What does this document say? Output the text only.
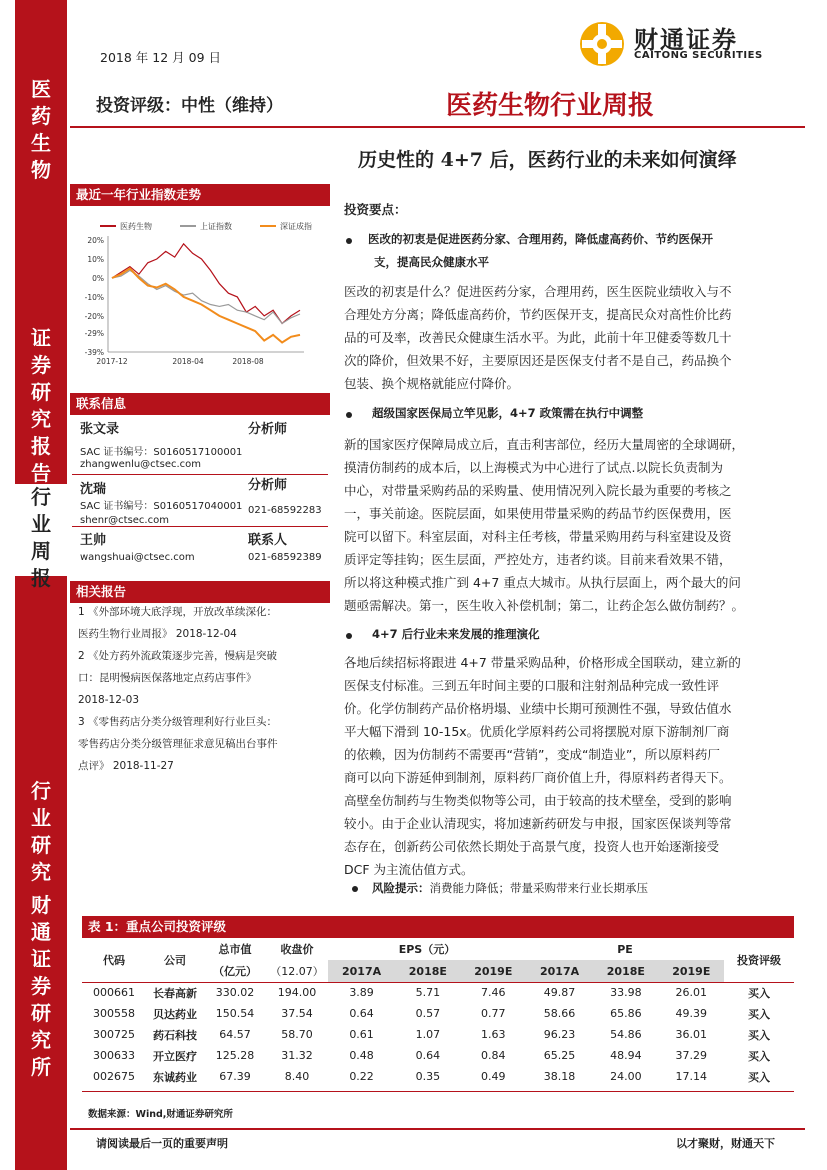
医
药
生
物
证
券
研
究
报
告
行
业
周
报
行
业
研
究
财
通
证
券
研
究
所
2018 年 12 月 09 日
财通证券
CAITONG SECURITIES
投资评级：中性（维持）	医药生物行业周报
历史性的 4+7 后，医药行业的未来如何演绎
最近一年行业指数走势
医药生物	上证指数	深证成指
20%
10%
0%
-10%
-20%
-29%
-39%
2017-12	2018-04	2018-08
联系信息
张文录	分析师
SAC 证书编号：S0160517100001
zhangwenlu@ctsec.com
沈瑞	分析师
SAC 证书编号：S0160517040001 021-68592283
shenr@ctsec.com
王帅	联系人
wangshuai@ctsec.com	021-68592389
相关报告
1 《外部环境大底浮现，开放改革续深化：
医药生物行业周报》 2018-12-04
2 《处方药外流政策逐步完善，慢病是突破
口：昆明慢病医保落地定点药店事件》
2018-12-03
3 《零售药店分类分级管理利好行业巨头：
零售药店分类分级管理征求意见稿出台事件
点评》 2018-11-27
投资要点：
医改的初衷是促进医药分家、合理用药，降低虚高药价、节约医保开
支，提高民众健康水平
医改的初衷是什么？促进医药分家，合理用药，医生医院业绩收入与不
合理处方分离；降低虚高药价，节约医保开支，提高民众对高性价比药
品的可及率，改善民众健康生活水平。为此，此前十年卫健委等数几十
次的降价，但效果不好，主要原因还是医保支付者不是自己，药品换个
包装、换个规格就能应付降价。
超级国家医保局立竿见影，4+7 政策需在执行中调整
新的国家医疗保障局成立后，直击利害部位，经历大量周密的全球调研，
摸清仿制药的成本后，以上海模式为中心进行了试点.以院长负责制为
中心，对带量采购药品的采购量、使用情况列入院长最为重要的考核之
一，事关前途。医院层面，如果使用带量采购的药品节约医保费用，医
院可以留下。科室层面，对科主任考核，带量采购用药与科室建设及资
质评定等挂钩；医生层面，严控处方，违者约谈。目前来看效果不错，
所以将这种模式推广到 4+7 重点大城市。从执行层面上，两个最大的问
题亟需解决。第一，医生收入补偿机制；第二，让药企怎么做仿制药？。
4+7 后行业未来发展的推理演化
各地后续招标将跟进 4+7 带量采购品种，价格形成全国联动，建立新的
医保支付标准。三到五年时间主要的口服和注射剂品种完成一致性评
价。化学仿制药产品价格坍塌、业绩中长期可预测性不强，导致估值水
平大幅下滑到 10-15x。优质化学原料药公司将摆脱对原下游制剂厂商
的依赖，因为仿制药不需要再“营销”，变成“制造业”，所以原料药厂
商可以向下游延伸到制剂，原料药厂商价值上升，得原料药者得天下。
高壁垒仿制药与生物类似物等公司，由于较高的技术壁垒，受到的影响
较小。由于企业认清现实，将加速新药研发与申报，国家医保谈判等常
态存在，创新药公司依然长期处于高景气度，投资人也开始逐渐接受
DCF 为主流估值方式。
风险提示：消费能力降低；带量采购带来行业长期承压
表 1：重点公司投资评级
代码	公司	总市值	收盘价	EPS（元）			PE			投资评级
		（亿元）	（12.07）	2017A	2018E	2019E	2017A	2018E	2019E	
000661	长春高新	330.02	194.00	3.89	5.71	7.46	49.87	33.98	26.01	买入
300558	贝达药业	150.54	37.54	0.64	0.57	0.77	58.66	65.86	49.39	买入
300725	药石科技	64.57	58.70	0.61	1.07	1.63	96.23	54.86	36.01	买入
300633	开立医疗	125.28	31.32	0.48	0.64	0.84	65.25	48.94	37.29	买入
002675	东诚药业	67.39	8.40	0.22	0.35	0.49	38.18	24.00	17.14	买入
数据来源：Wind,财通证券研究所
请阅读最后一页的重要声明	以才聚财，财通天下
